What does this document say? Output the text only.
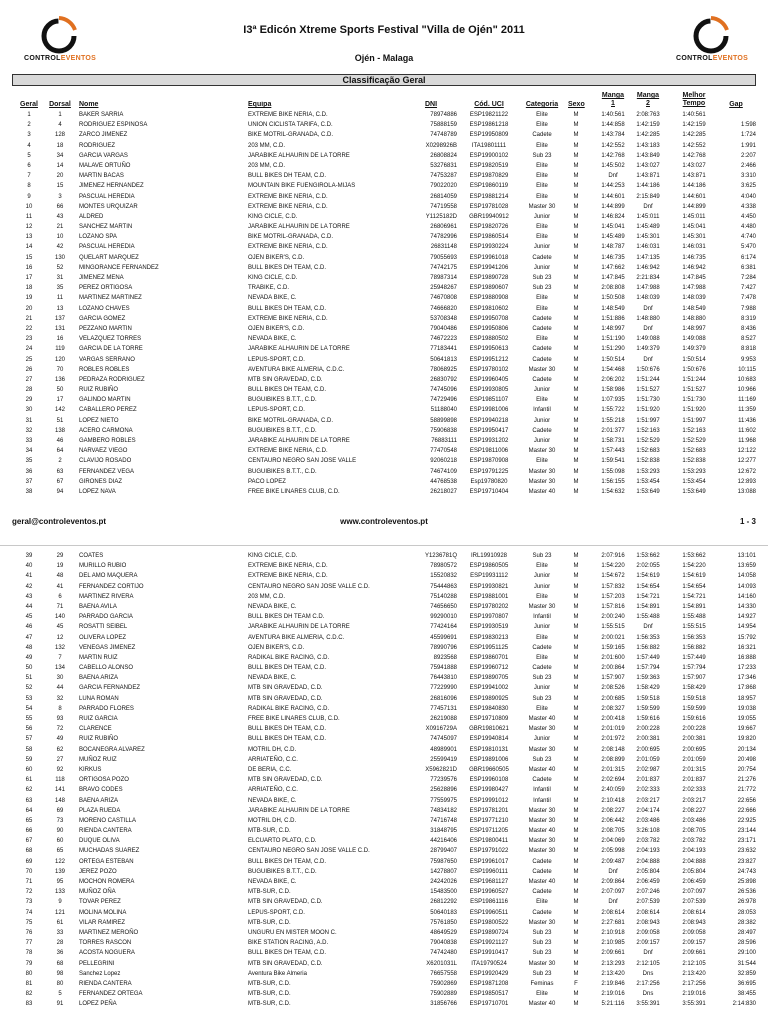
CONTROLEVENTOS	CONTROLEVENTOS
I3ª Edicón Xtreme Sports Festival "Villa de Ojén" 2011
Ojén - Malaga
Classificação Geral
Geral Dorsal Nome	Equipa	DNI	Cód. UCI	Categoria	Sexo
Manga
1
Manga
2
Melhor
Tempo	Gap
1	1	BAKER SARRIA	EXTREME BIKE NERIA, C.D.	78974886	ESP19821122	Elite	M	1:40:561	2:08:763	1:40:561
2	4	RODRIGUEZ ESPINOSA	UNION CICLISTA TARIFA, C.D.	75888159	ESP19861218	Elite	M	1:44:858	1:42:159	1:42:159	1:598
3	128	ZARCO JIMENEZ	BIKE MOTRIL-GRANADA, C.D.	74748789	ESP19950809	Cadete	M	1:43:784	1:42:285	1:42:285	1:724
4	18	RODRIGUEZ	203 MM, C.D.	X0298926B	ITA19801111	Elite	M	1:42:552	1:43:183	1:42:552	1:991
5	34	GARCIA VARGAS	JARABIKE ALHAURIN DE LA TORRE	26808824	ESP19900102	Sub 23	M	1:42:768	1:43:849	1:42:768	2:207
6	14	MALAVE ORTUÑO	203 MM, C.D.	53276831	ESP19820519	Elite	M	1:45:502	1:43:027	1:43:027	2:466
7	20	MARTIN BACAS	BULL BIKES DH TEAM, C.D.	74753287	ESP19870829	Elite	M	Dnf	1:43:871	1:43:871	3:310
8	15	JIMENEZ HERNANDEZ	MOUNTAIN BIKE FUENGIROLA-MIJAS	79022020	ESP19860119	Elite	M	1:44:253	1:44:186	1:44:186	3:625
9	3	PASCUAL HEREDIA	EXTREME BIKE NERIA, C.D.	26814059	ESP19881214	Elite	M	1:44:601	2:15:849	1:44:601	4:040
10	66	MONTES URQUIZAR	EXTREME BIKE NERIA, C.D.	74719558	ESP19781028	Master 30	M	1:44:899	Dnf	1:44:899	4:338
11	43	ALDRED	KING CICLE, C.D.	Y1125182D	GBR19940912	Junior	M	1:46:824	1:45:011	1:45:011	4:450
12	21	SANCHEZ MARTIN	JARABIKE ALHAURIN DE LA TORRE	26806961	ESP19820726	Elite	M	1:45:041	1:45:489	1:45:041	4:480
13	10	LOZANO SPA	BIKE MOTRIL-GRANADA, C.D.	74782996	ESP19860514	Elite	M	1:45:489	1:45:301	1:45:301	4:740
14	42	PASCUAL HEREDIA	EXTREME BIKE NERIA, C.D.	26831148	ESP19930224	Junior	M	1:48:787	1:46:031	1:46:031	5:470
15	130	QUELART MARQUEZ	OJEN BIKER'S, C.D.	79055693	ESP19961018	Cadete	M	1:46:735	1:47:135	1:46:735	6:174
16	52	MINGORANCE FERNANDEZ	BULL BIKES DH TEAM, C.D.	74742175	ESP19941206	Junior	M	1:47:662	1:46:942	1:46:942	6:381
17	31	JIMENEZ MENA	KING CICLE, C.D.	78987314	ESP19890728	Sub 23	M	1:47:845	2:21:834	1:47:845	7:284
18	35	PEREZ ORTIGOSA	TRABIKE, C.D.	25948267	ESP19890607	Sub 23	M	2:08:808	1:47:988	1:47:988	7:427
19	11	MARTINEZ MARTINEZ	NEVADA BIKE, C.	74670808	ESP19880908	Elite	M	1:50:508	1:48:039	1:48:039	7:478
20	13	LOZANO CHAVES	BULL BIKES DH TEAM, C.D.	74666820	ESP19810602	Elite	M	1:48:549	Dnf	1:48:549	7:988
21	137	GARCIA GOMEZ	EXTREME BIKE NERIA, C.D.	53708348	ESP19950708	Cadete	M	1:51:886	1:48:880	1:48:880	8:319
22	131	PEZZANO MARTIN	OJEN BIKER'S, C.D.	79040486	ESP19950806	Cadete	M	1:48:997	Dnf	1:48:997	8:436
23	16	VELAZQUEZ TORRES	NEVADA BIKE, C.	74672223	ESP19880502	Elite	M	1:51:190	1:49:088	1:49:088	8:527
24	119	GARCIA DE LA TORRE	JARABIKE ALHAURIN DE LA TORRE	77183441	ESP19950613	Cadete	M	1:51:290	1:49:379	1:49:379	8:818
25	120	VARGAS SERRANO	LEPUS-SPORT, C.D.	50641813	ESP19951212	Cadete	M	1:50:514	Dnf	1:50:514	9:953
26	70	ROBLES ROBLES	AVENTURA BIKE ALMERIA, C.D.C.	78068925	ESP19780102	Master 30	M	1:54:468	1:50:676	1:50:676	10:115
27	136	PEDRAZA RODRIGUEZ	MTB SIN GRAVEDAD, C.D.	26830792	ESP19960405	Cadete	M	2:06:202	1:51:244	1:51:244	10:683
28	50	RUIZ RUBIÑO	BULL BIKES DH TEAM, C.D.	74745096	ESP19930805	Junior	M	1:58:986	1:51:527	1:51:527	10:966
29	17	GALINDO MARTIN	BUGUIBIKES B.T.T., C.D.	74729496	ESP19851107	Elite	M	1:07:935	1:51:730	1:51:730	11:169
30	142	CABALLERO PEREZ	LEPUS-SPORT, C.D.	51188040	ESP19981006	Infantil	M	1:55:722	1:51:920	1:51:920	11:359
31	51	LOPEZ NIETO	BIKE MOTRIL-GRANADA, C.D.	58899898	ESP19940218	Junior	M	1:55:218	1:51:997	1:51:997	11:436
32	138	ACERO CARMONA	BUGUIBIKES B.T.T., C.D.	75906838	ESP19950417	Cadete	M	2:01:377	1:52:163	1:52:163	11:602
33	46	GAMBERO ROBLES	JARABIKE ALHAURIN DE LA TORRE	76883111	ESP19931202	Junior	M	1:58:731	1:52:529	1:52:529	11:968
34	64	NARVAEZ VIEGO	EXTREME BIKE NERIA, C.D.	77470548	ESP19811006	Master 30	M	1:57:443	1:52:683	1:52:683	12:122
35	2	CLAVIJO ROSADO	CENTAURO NEGRO SAN JOSE VALLE	92060218	ESP19870908	Elite	M	1:59:541	1:52:838	1:52:838	12:277
36	63	FERNANDEZ VEGA	BUGUIBIKES B.T.T., C.D.	74674109	ESP19791225	Master 30	M	1:55:098	1:53:293	1:53:293	12:672
37	67	GIRONES DIAZ	PACO LOPEZ	44768538	Esp19780820	Master 30	M	1:56:155	1:53:454	1:53:454	12:893
38	94	LOPEZ NAVA	FREE BIKE LINARES CLUB, C.D.	26218027	ESP19710404	Master 40	M	1:54:632	1:53:649	1:53:649	13:088
www.controleventos.pt
geral@controleventos.pt	1 - 3
39	29	COATES	KING CICLE, C.D.	Y1236781Q	IRL19910928	Sub 23	M	2:07:916	1:53:662	1:53:662	13:101
40	19	MURILLO RUBIO	EXTREME BIKE NERIA, C.D.	78980572	ESP19860505	Elite	M	1:54:220	2:02:055	1:54:220	13:659
41	48	DEL AMO MAQUERA	EXTREME BIKE NERIA, C.D.	15520832	ESP19931112	Junior	M	1:54:672	1:54:619	1:54:619	14:058
42	41	FERNANDEZ CORTIJO	CENTAURO NEGRO SAN JOSE VALLE C.D.	75444863	ESP19930821	Junior	M	1:57:832	1:54:654	1:54:654	14:093
43	6	MARTINEZ RIVERA	203 MM, C.D.	75140288	ESP19881001	Elite	M	1:57:203	1:54:721	1:54:721	14:160
44	71	BAENA AVILA	NEVADA BIKE, C.	74656650	ESP19780202	Master 30	M	1:57:816	1:54:891	1:54:891	14:330
45	140	PARRADO GARCIA	BULL BIKES DH TEAM C.D.	99290010	ESP19970807	Infantil	M	2:00:240	1:55:488	1:55:488	14:927
46	45	ROSATTI SEIBEL	JARABIKE ALHAURIN DE LA TORRE	77424164	ESP19930519	Junior	M	1:55:515	Dnf	1:55:515	14:954
47	12	OLIVERA LOPEZ	AVENTURA BIKE ALMERIA, C.D.C.	45599691	ESP19830213	Elite	M	2:00:021	1:56:353	1:56:353	15:792
48	132	VENEGAS JIMENEZ	OJEN BIKER'S, C.D.	78990796	ESP19951125	Cadete	M	1:59:165	1:56:882	1:56:882	16:321
49	7	MARTIN RUIZ	RADIKAL BIKE RACING, C.D.	8923568	ESP19860701	Elite	M	2:01:600	1:57:449	1:57:449	16:888
50	134	CABELLO ALONSO	BULL BIKES DH TEAM, C.D.	75941888	ESP19960712	Cadete	M	2:00:864	1:57:794	1:57:794	17:233
51	30	BAENA ARIZA	NEVADA BIKE, C.	76443810	ESP19890705	Sub 23	M	1:57:907	1:59:363	1:57:907	17:346
52	44	GARCIA FERNANDEZ	MTB SIN GRAVEDAD, C.D.	77229990	ESP19941002	Junior	M	2:08:526	1:58:429	1:58:429	17:868
53	32	LUNA ROMAN	MTB SIN GRAVEDAD, C.D.	26816096	ESP19890925	Sub 23	M	2:00:685	1:59:518	1:59:518	18:957
54	8	PARRADO FLORES	RADIKAL BIKE RACING, C.D.	77457131	ESP19840830	Elite	M	2:08:327	1:59:599	1:59:599	19:038
55	93	RUIZ GARCIA	FREE BIKE LINARES CLUB, C.D.	26219088	ESP19710809	Master 40	M	2:00:418	1:59:616	1:59:616	19:055
56	72	CLARENCE	BULL BIKES DH TEAM, C.D.	X0916729A	GBR19810621	Master 30	M	2:01:019	2:00:228	2:00:228	19:667
57	49	RUIZ RUBIÑO	BULL BIKES DH TEAM, C.D.	74745097	ESP19940814	Junior	M	2:01:972	2:00:381	2:00:381	19:820
58	62	BOCANEGRA ALVAREZ	MOTRIL DH, C.D.	48989901	ESP19810131	Master 30	M	2:08:148	2:00:695	2:00:695	20:134
59	27	MUÑOZ RUIZ	ARRIATEÑO, C.C.	25599419	ESP19891006	Sub 23	M	2:08:899	2:01:059	2:01:059	20:498
60	92	KIRKUS	DE BERIA, C.C.	X5962821D	GBR19660505	Master 40	M	2:01:315	2:02:987	2:01:315	20:754
61	118	ORTIGOSA POZO	MTB SIN GRAVEDAD, C.D.	77239576	ESP19960108	Cadete	M	2:02:694	2:01:837	2:01:837	21:276
62	141	BRAVO CODES	ARRIATEÑO, C.C.	25628896	ESP19980427	Infantil	M	2:40:059	2:02:333	2:02:333	21:772
63	148	BAENA ARIZA	NEVADA BIKE, C.	77559975	ESP19991012	Infantil	M	2:10:418	2:03:217	2:03:217	22:656
64	69	PLAZA RUEDA	JARABIKE ALHAURIN DE LA TORRE	74834182	ESP19781201	Master 30	M	2:08:227	2:04:174	2:08:227	22:666
65	73	MORENO CASTILLA	MOTRIL DH, C.D.	74716748	ESP19771210	Master 30	M	2:06:442	2:03:486	2:03:486	22:925
66	90	RIENDA CANTERA	MTB-SUR, C.D.	31848795	ESP19711205	Master 40	M	2:08:705	3:26:108	2:08:705	23:144
67	60	DUQUE OLIVA	ELCUARTO PLATO, C.D.	44216406	ESP19800411	Master 30	M	2:04:069	2:03:782	2:03:782	23:171
68	65	MUCHADAS SUAREZ	CENTAURO NEGRO SAN JOSE VALLE C.D.	28799407	ESP19791022	Master 30	M	2:05:998	2:04:193	2:04:193	23:632
69	122	ORTEGA ESTEBAN	BULL BIKES DH TEAM, C.D.	75987650	ESP19961017	Cadete	M	2:09:487	2:04:888	2:04:888	23:827
70	139	JEREZ POZO	BUGUIBIKES B.T.T., C.D.	14278807	ESP19960111	Cadete	M	Dnf	2:05:804	2:05:804	24:743
71	95	MOCHON ROMERA	NEVADA BIKE, C.	24242026	ESP19681127	Master 40	M	2:09:864	2:06:459	2:06:459	25:898
72	133	MUÑOZ OÑA	MTB-SUR, C.D.	15483500	ESP19960527	Cadete	M	2:07:097	2:07:246	2:07:097	26:536
73	9	TOVAR PEREZ	MTB SIN GRAVEDAD, C.D.	26812292	ESP19861116	Elite	M	Dnf	2:07:539	2:07:539	26:978
74	121	MOLINA MOLINA	LEPUS-SPORT, C.D.	50640183	ESP19960511	Cadete	M	2:08:614	2:08:614	2:08:614	28:053
75	61	VILAR RAMIREZ	MTB-SUR, C.D.	75761850	ESP19800522	Master 30	M	2:27:681	2:08:943	2:08:943	28:382
76	33	MARTINEZ MEROÑO	UNGURU EN MISTER MOON C.	48649529	ESP19890724	Sub 23	M	2:10:918	2:09:058	2:09:058	28:497
77	28	TORRES RASCON	BIKE STATION RACING, A.D.	79040838	ESP19921127	Sub 23	M	2:10:985	2:09:157	2:09:157	28:596
78	36	ACOSTA NOGUERA	BULL BIKES DH TEAM, C.D.	74742480	ESP19910417	Sub 23	M	2:09:661	Dnf	2:09:661	29:100
79	68	PELLEGRINI	MTB SIN GRAVEDAD, C.D.	X6201031L	ITA19790524	Master 30	M	2:13:293	2:12:105	2:12:105	31:544
80	98	Sanchez Lopez	Aventura Bike Almeria	76657558	ESP19920429	Sub 23	M	2:13:420	Dns	2:13:420	32:859
81	80	RIENDA CANTERA	MTB-SUR, C.D.	75902869	ESP19871208	Feminas	F	2:19:846	2:17:256	2:17:256	36:695
82	5	FERNANDEZ ORTEGA	MTB-SUR, C.D.	75902889	ESP19850517	Elite	M	2:19:016	Dns	2:19:016	38:455
83	91	LOPEZ PEÑA	MTB-SUR, C.D.	31856766	ESP19710701	Master 40	M	5:21:116	3:55:391	3:55:391	2:14:830
